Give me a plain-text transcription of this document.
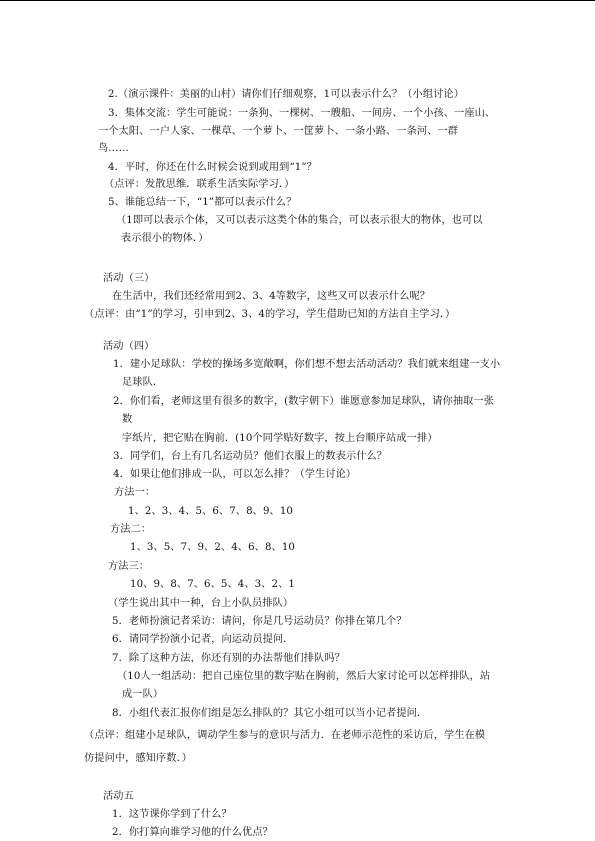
2.（演示课件：美丽的山村）请你们仔细观察，1可以表示什么？（小组讨论）
3．集体交流：学生可能说：一条狗、一棵树、一艘船、一间房、一个小孩、一座山、
一个太阳、一户人家、一棵草、一个萝卜、一筐萝卜、一条小路、一条河、一群
鸟……
4．平时，你还在什么时候会说到或用到“1”？
（点评：发散思维．联系生活实际学习．）
5、谁能总结一下，“1”都可以表示什么？
（1即可以表示个体，又可以表示这类个体的集合，可以表示很大的物体，也可以
表示很小的物体．）
活动（三）
在生活中，我们还经常用到2、3、4等数字，这些又可以表示什么呢？
（点评：由“1”的学习，引申到2、3、4的学习，学生借助已知的方法自主学习．）
活动（四）
1．建小足球队：学校的操场多宽敞啊，你们想不想去活动活动？我们就来组建一支小
足球队．
2．你们看，老师这里有很多的数字，(数字朝下）谁愿意参加足球队，请你抽取一张
数
字纸片，把它贴在胸前．(10个同学贴好数字，按上台顺序站成一排）
3．同学们，台上有几名运动员？他们衣服上的数表示什么？
4．如果让他们排成一队，可以怎么排？（学生讨论）
方法一：
1、2、3、4、5、6、7、8、9、10
方法二：
1、3、5、7、9、2、4、6、8、10
方法三：
10、9、8、7、6、5、4、3、2、1
（学生说出其中一种，台上小队员排队）
5．老师扮演记者采访：请问，你是几号运动员？你排在第几个？
6．请同学扮演小记者，向运动员提问．
7．除了这种方法，你还有别的办法帮他们排队吗？
（10人一组活动：把自己座位里的数字贴在胸前，然后大家讨论可以怎样排队，站
成一队）
8．小组代表汇报你们组是怎么排队的？其它小组可以当小记者提问．
（点评：组建小足球队，调动学生参与的意识与活力．在老师示范性的采访后，学生在模
仿提问中，感知序数．）
活动五
1．这节课你学到了什么？
2．你打算向谁学习他的什么优点？
